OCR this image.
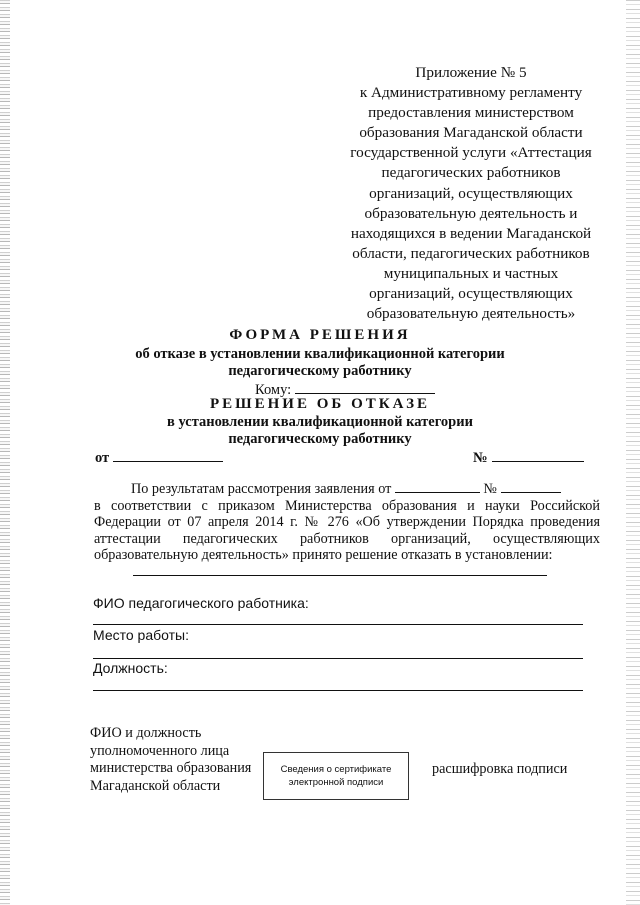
Приложение № 5
к Административному регламенту
предоставления министерством
образования Магаданской области
государственной услуги «Аттестация
педагогических работников
организаций, осуществляющих
образовательную деятельность и
находящихся в ведении Магаданской
области, педагогических работников
муниципальных и частных
организаций, осуществляющих
образовательную деятельность»
ФОРМА РЕШЕНИЯ
об отказе в установлении квалификационной категории
педагогическому работнику
Кому:
РЕШЕНИЕ ОБ ОТКАЗЕ
в установлении квалификационной категории
педагогическому работнику
от	№
По результатам рассмотрения заявления от	№
в соответствии с приказом Министерства образования и науки Российской Федерации от 07 апреля 2014 г. № 276 «Об утверждении Порядка проведения аттестации педагогических работников организаций, осуществляющих образовательную деятельность» принято решение отказать в установлении:
ФИО педагогического работника:
Место работы:
Должность:
ФИО и должность
уполномоченного лица
министерства образования
Магаданской области
Сведения о сертификате
электронной подписи
расшифровка подписи
